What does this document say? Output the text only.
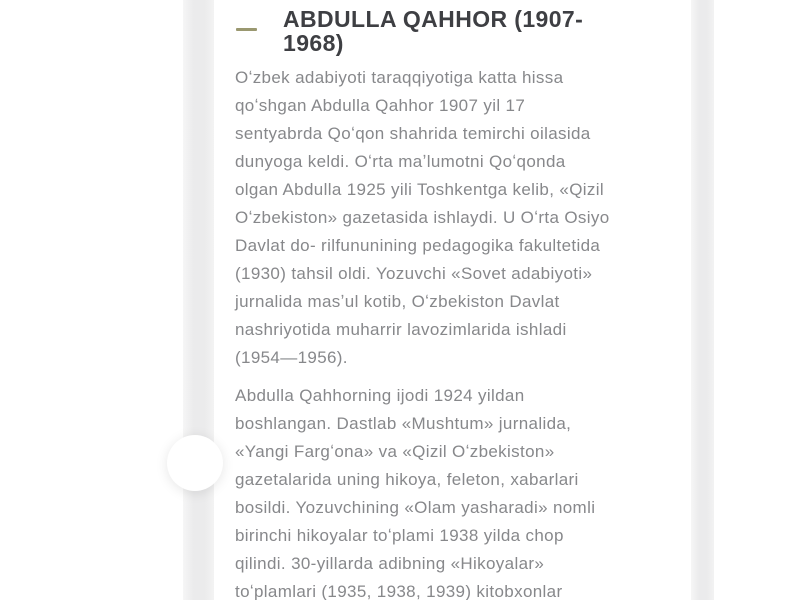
ABDULLA QAHHOR (1907-
1968)
Oʻzbek adabiyoti taraqqiyotiga katta hissa
qoʻshgan Abdulla Qahhor 1907 yil 17
sentyabrda Qoʻqon shahrida temirchi oilasida
dunyoga keldi. Oʻrta maʼlumotni Qoʻqonda
olgan Abdulla 1925 yili Toshkentga kelib, «Qizil
Oʻzbekiston» gazetasida ishlaydi. U Oʻrta Osiyo
Davlat do- rilfununining pedagogika fakultetida
(1930) tahsil oldi. Yozuvchi «Sovet adabiyoti»
jurnalida masʼul kotib, Oʻzbekiston Davlat
nashriyotida muharrir lavozimlarida ishladi
(1954—1956).
Abdulla Qahhorning ijodi 1924 yildan
boshlangan. Dastlab «Mushtum» jurnalida,
«Yangi Fargʻona» va «Qizil Oʻzbekiston»
gazetalarida uning hikoya, feleton, xabarlari
bosildi. Yozuvchining «Olam yasharadi» nomli
birinchi hikoyalar toʻplami 1938 yilda chop
qilindi. 30-yillarda adibning «Hikoyalar»
toʻplamlari (1935, 1938, 1939) kitobxonlar
